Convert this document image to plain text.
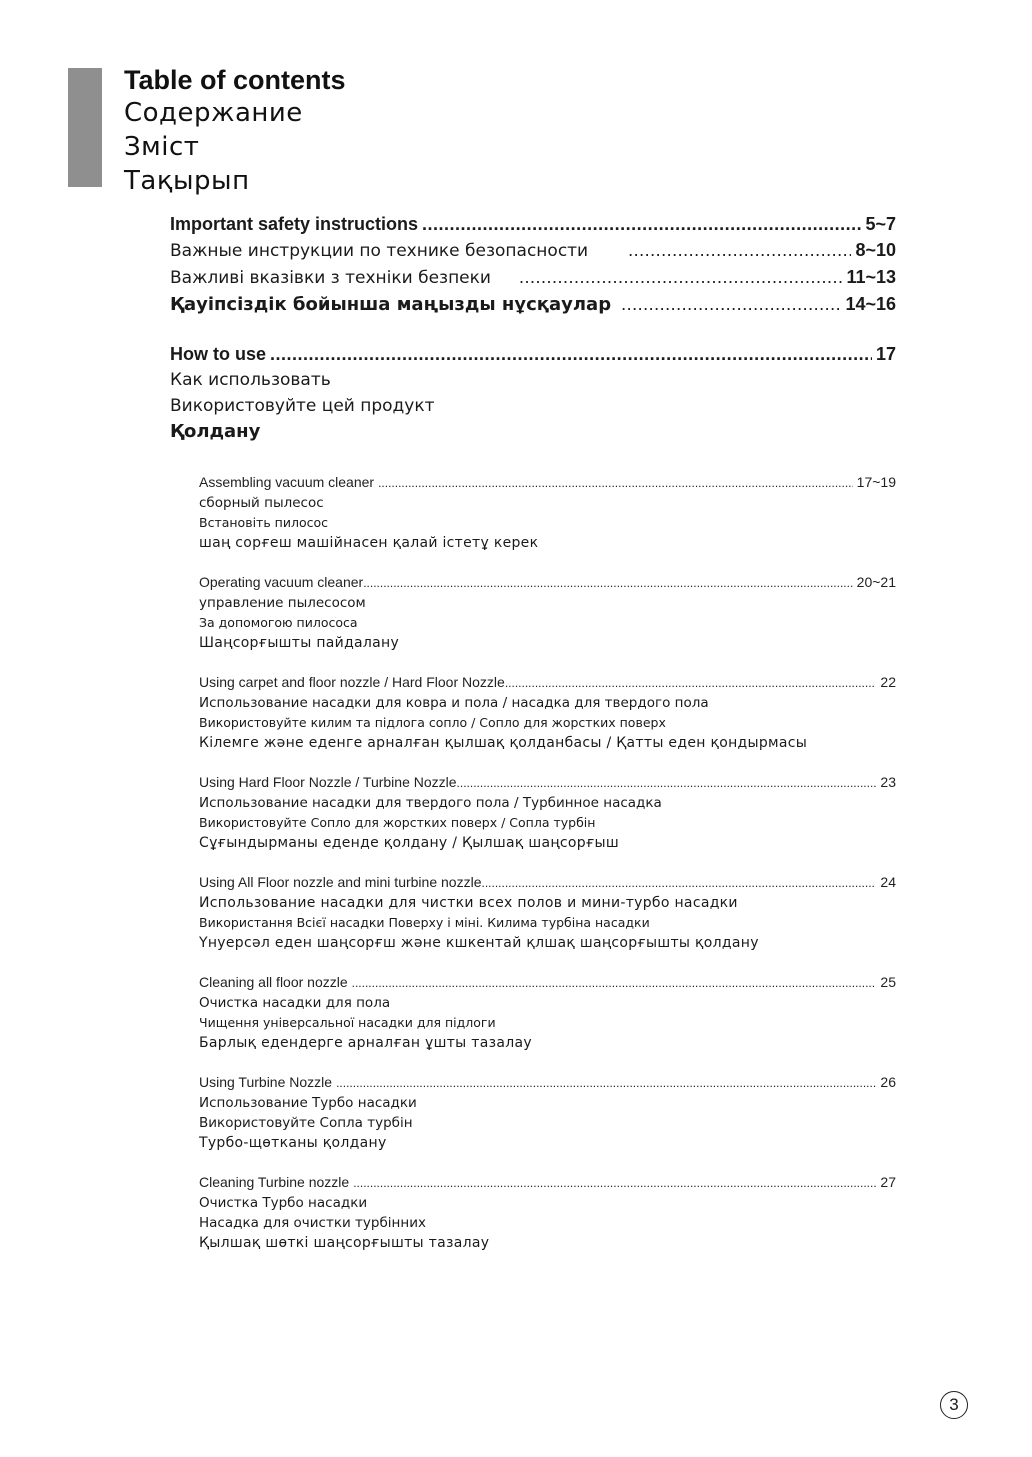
Table of contents
Содержание
Зміст
Тақырып
Important safety instructions .....	5~7
Важные инструкции по технике безопасности .....	8~10
Важливі вказівки з техніки безпеки .....	11~13
Қауіпсіздік бойынша маңызды нұсқаулар .....	14~16
How to use .....	17
Как использовать
Використовуйте цей продукт
Қолдану
Assembling vacuum cleaner .....	17~19
сборный пылесос
Встановіть пилосос
шаң сорғеш машійнасен қалай істетұ керек
Operating vacuum cleaner .....	20~21
управление пылесосом
За допомогою пилососа
Шаңсорғышты пайдалану
Using carpet and floor nozzle / Hard Floor Nozzle .....	22
Использование насадки для ковра и пола / насадка для твердого пола
Використовуйте килим та підлога сопло / Сопло для жорстких поверх
Кілемге және еденге арналған қылшақ қолданбасы / Қатты еден қондырмасы
Using Hard Floor Nozzle / Turbine Nozzle .....	23
Использование насадки для твердого пола / Турбинное насадка
Використовуйте Сопло для жорстких поверх / Сопла турбін
Сұғындырманы еденде қолдану / Қылшақ шаңсорғыш
Using All Floor nozzle and mini turbine nozzle .....	24
Использование насадки для чистки всех полов и мини-турбо насадки
Використання Всієї насадки Поверху і міні. Килима турбіна насадки
Үнуерсәл еден шаңсорғш және кшкентай қлшақ шаңсорғышты қолдану
Cleaning all floor nozzle .....	25
Очистка насадки для пола
Чищення універсальної насадки для підлоги
Барлық едендерге арналған ұшты тазалау
Using Turbine Nozzle .....	26
Использование Турбо насадки
Використовуйте Сопла турбін
Турбо-щөтканы қолдану
Cleaning Turbine nozzle .....	27
Очистка Турбо насадки
Насадка для очистки турбінних
Қылшақ шөткі шаңсорғышты тазалау
3
